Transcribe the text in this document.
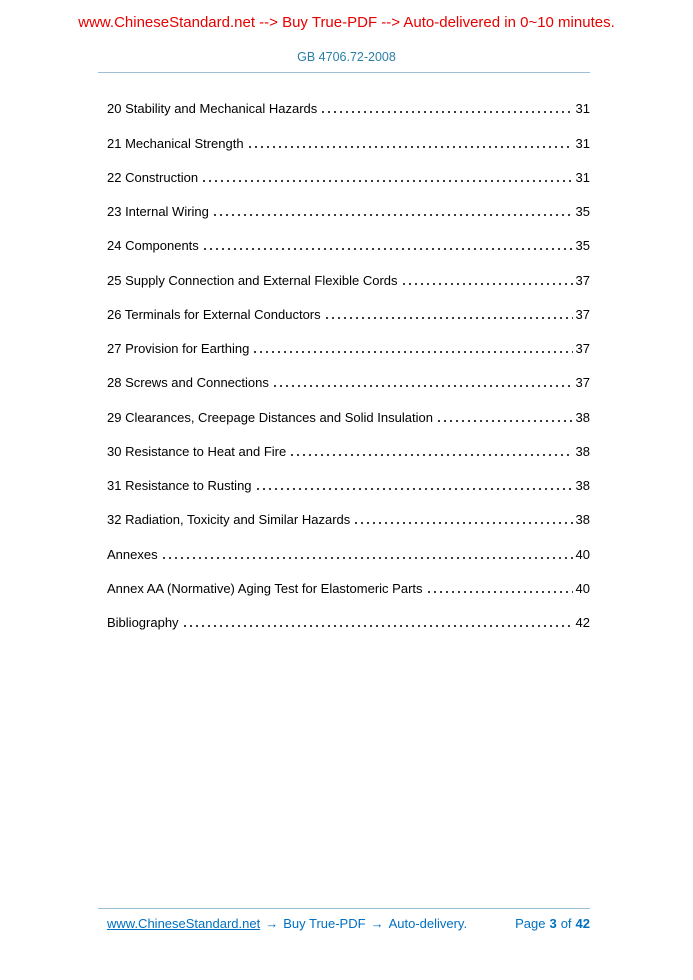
www.ChineseStandard.net --> Buy True-PDF --> Auto-delivered in 0~10 minutes.
GB 4706.72-2008
20 Stability and Mechanical Hazards	31
21 Mechanical Strength	31
22 Construction	31
23 Internal Wiring	35
24 Components	35
25 Supply Connection and External Flexible Cords	37
26 Terminals for External Conductors	37
27 Provision for Earthing	37
28 Screws and Connections	37
29 Clearances, Creepage Distances and Solid Insulation	38
30 Resistance to Heat and Fire	38
31 Resistance to Rusting	38
32 Radiation, Toxicity and Similar Hazards	38
Annexes	40
Annex AA (Normative) Aging Test for Elastomeric Parts	40
Bibliography	42
www.ChineseStandard.net → Buy True-PDF → Auto-delivery.	Page 3 of 42
